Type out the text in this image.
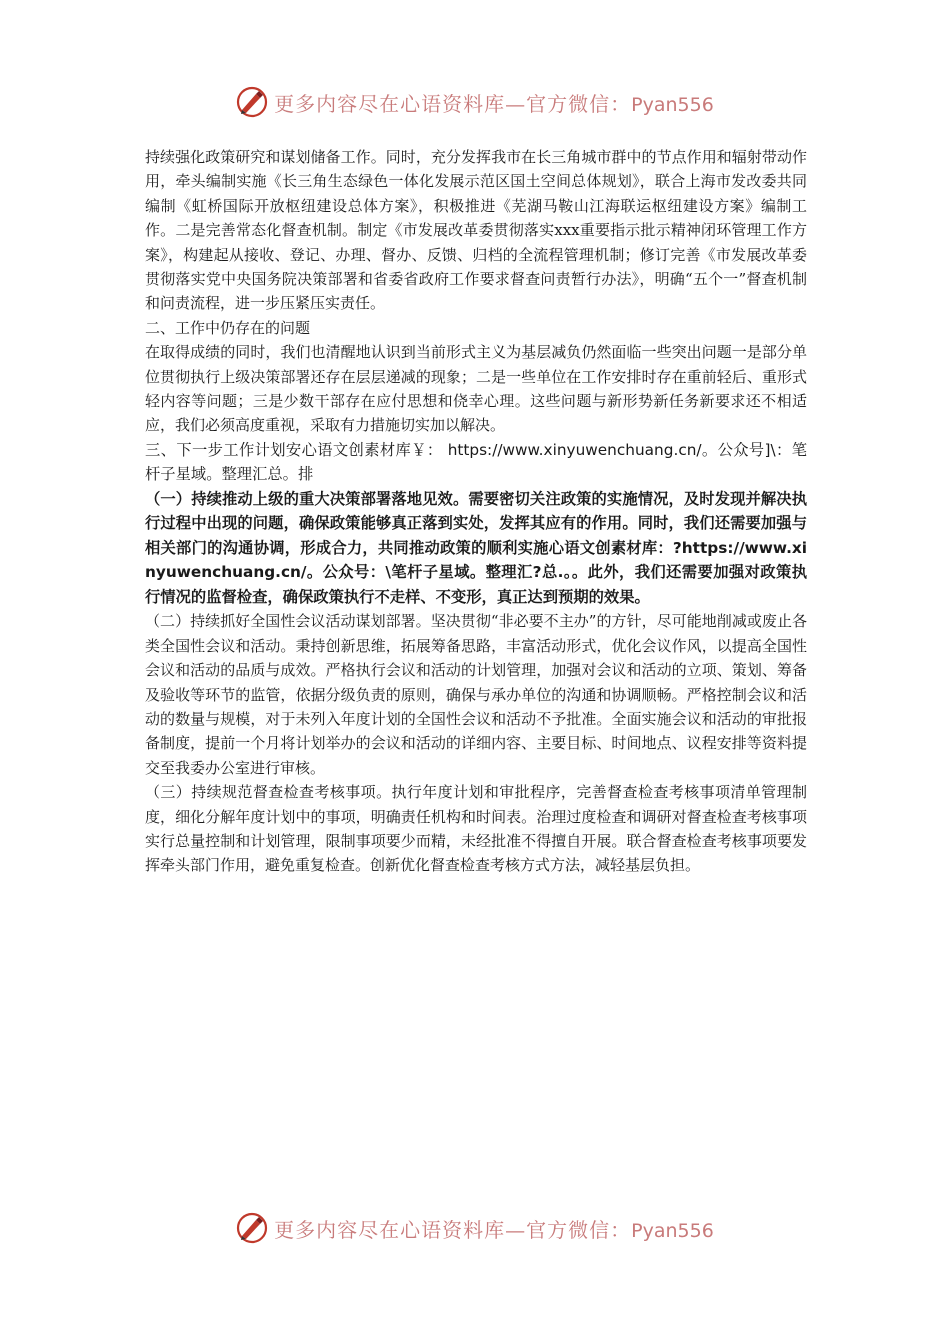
更多内容尽在心语资料库—官方微信：Pyan556

持续强化政策研究和谋划储备工作。同时，充分发挥我市在长三角城市群中的节点作用和辐射带动作用，牵头编制实施《长三角生态绿色一体化发展示范区国土空间总体规划》，联合上海市发改委共同编制《虹桥国际开放枢纽建设总体方案》，积极推进《芜湖马鞍山江海联运枢纽建设方案》编制工作。二是完善常态化督查机制。制定《市发展改革委贯彻落实xxx重要指示批示精神闭环管理工作方案》，构建起从接收、登记、办理、督办、反馈、归档的全流程管理机制；修订完善《市发展改革委贯彻落实党中央国务院决策部署和省委省政府工作要求督查问责暂行办法》，明确“五个一”督查机制和问责流程，进一步压紧压实责任。

二、工作中仍存在的问题

在取得成绩的同时，我们也清醒地认识到当前形式主义为基层减负仍然面临一些突出问题一是部分单位贯彻执行上级决策部署还存在层层递减的现象；二是一些单位在工作安排时存在重前轻后、重形式轻内容等问题；三是少数干部存在应付思想和侥幸心理。这些问题与新形势新任务新要求还不相适应，我们必须高度重视，采取有力措施切实加以解决。

三、下一步工作计划安心语文创素材库￥： https://www.xinyuwenchuang.cn/。公众号]\：笔杆子星域。整理汇总。排

（一）持续推动上级的重大决策部署落地见效。需要密切关注政策的实施情况，及时发现并解决执行过程中出现的问题，确保政策能够真正落到实处，发挥其应有的作用。同时，我们还需要加强与相关部门的沟通协调，形成合力，共同推动政策的顺利实施心语文创素材库：?https://www.xinyuwenchuang.cn/。公众号：\笔杆子星域。整理汇?总.。。此外，我们还需要加强对政策执行情况的监督检查，确保政策执行不走样、不变形，真正达到预期的效果。

（二）持续抓好全国性会议活动谋划部署。坚决贯彻“非必要不主办”的方针，尽可能地削减或废止各类全国性会议和活动。秉持创新思维，拓展筹备思路，丰富活动形式，优化会议作风，以提高全国性会议和活动的品质与成效。严格执行会议和活动的计划管理，加强对会议和活动的立项、策划、筹备及验收等环节的监管，依据分级负责的原则，确保与承办单位的沟通和协调顺畅。严格控制会议和活动的数量与规模，对于未列入年度计划的全国性会议和活动不予批准。全面实施会议和活动的审批报备制度，提前一个月将计划举办的会议和活动的详细内容、主要目标、时间地点、议程安排等资料提交至我委办公室进行审核。

（三）持续规范督查检查考核事项。执行年度计划和审批程序，完善督查检查考核事项清单管理制度，细化分解年度计划中的事项，明确责任机构和时间表。治理过度检查和调研对督查检查考核事项实行总量控制和计划管理，限制事项要少而精，未经批准不得擅自开展。联合督查检查考核事项要发挥牵头部门作用，避免重复检查。创新优化督查检查考核方式方法，减轻基层负担。

更多内容尽在心语资料库—官方微信：Pyan556
